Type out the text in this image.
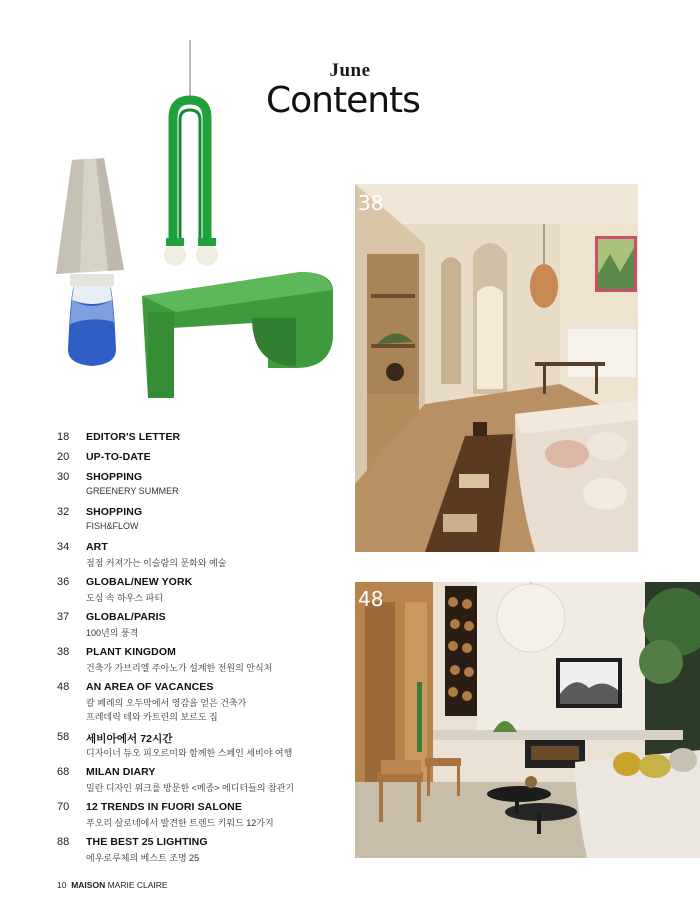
June
Contents
38
48
18 EDITOR'S LETTER
20 UP-TO-DATE
30 SHOPPING
GREENERY SUMMER
32 SHOPPING
FISH&FLOW
34 ART
점점 커져가는 이슬람의 문화와 예술
36 GLOBAL/NEW YORK
도심 속 하우스 파티
37 GLOBAL/PARIS
100년의 풍격
38 PLANT KINGDOM
건축가 가브리엘 주아노가 설계한 전원의 안식처
48 AN AREA OF VACANCES
칼 페레의 오두막에서 영감을 얻은 건축가
프레데릭 테와 카트린의 보르도 집
58 세비아에서 72시간
디자이너 듀오 피오르미와 함께한 스페인 세비야 여행
68 MILAN DIARY
밀란 디자인 위크를 방문한 <메종> 에디터들의 참관기
70 12 TRENDS IN FUORI SALONE
푸오리 살로네에서 발견한 트렌드 키워드 12가지
88 THE BEST 25 LIGHTING
에우로루체의 베스트 조명 25
10 MAISON MARIE CLAIRE
